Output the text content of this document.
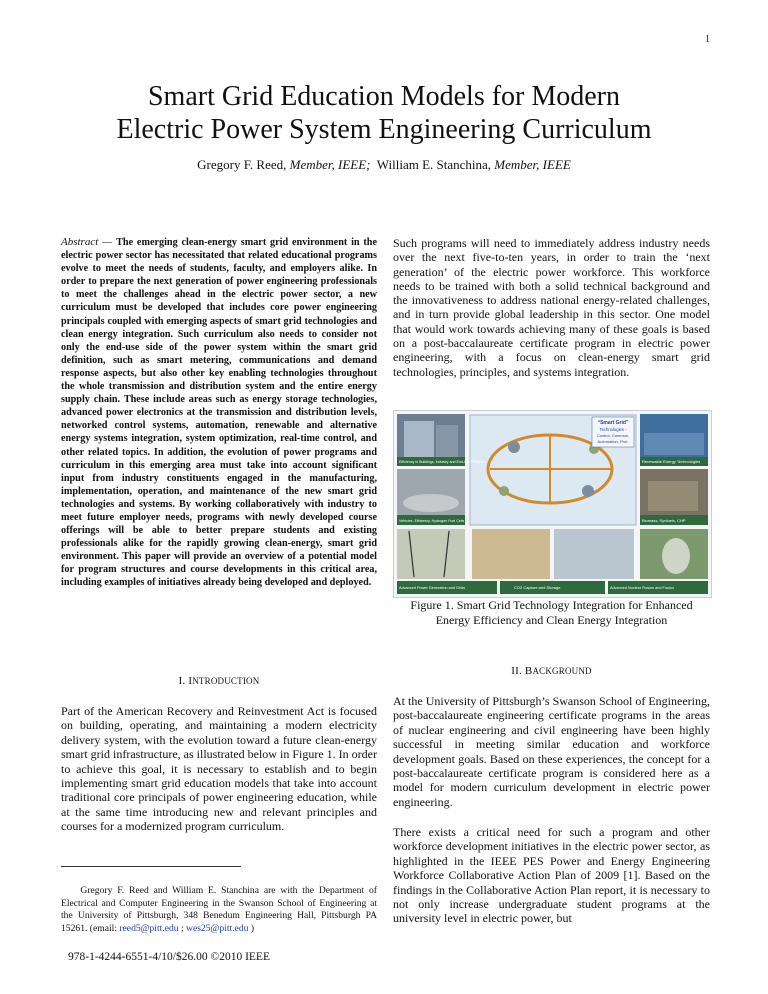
1
Smart Grid Education Models for Modern
Electric Power System Engineering Curriculum
Gregory F. Reed, Member, IEEE; William E. Stanchina, Member, IEEE
Abstract — The emerging clean-energy smart grid environment in the electric power sector has necessitated that related educational programs evolve to meet the needs of students, faculty, and employers alike. In order to prepare the next generation of power engineering professionals to meet the challenges ahead in the electric power sector, a new curriculum must be developed that includes core power engineering principals coupled with emerging aspects of smart grid technologies and clean energy integration. Such curriculum also needs to consider not only the end-use side of the power system within the smart grid definition, such as smart metering, communications and demand response aspects, but also other key enabling technologies throughout the whole transmission and distribution system and the entire energy supply chain. These include areas such as energy storage technologies, advanced power electronics at the transmission and distribution levels, networked control systems, automation, renewable and alternative energy systems integration, system optimization, real-time control, and other related topics. In addition, the evolution of power programs and curriculum in this emerging area must take into account significant input from industry constituents engaged in the manufacturing, implementation, operation, and maintenance of the new smart grid technologies and systems. By working collaboratively with industry to meet future employer needs, programs with newly developed course offerings will be able to better prepare students and existing professionals alike for the rapidly growing clean-energy, smart grid environment. This paper will provide an overview of a potential model for program structures and course developments in this critical area, including examples of initiatives already being developed and deployed.
I. INTRODUCTION
Part of the American Recovery and Reinvestment Act is focused on building, operating, and maintaining a modern electricity delivery system, with the evolution toward a future clean-energy smart grid infrastructure, as illustrated below in Figure 1. In order to achieve this goal, it is necessary to establish and to begin implementing smart grid education models that take into account traditional core principals of power engineering education, while at the same time introducing new and relevant principles and courses for a modernized program curriculum.
Gregory F. Reed and William E. Stanchina are with the Department of Electrical and Computer Engineering in the Swanson School of Engineering at the University of Pittsburgh, 348 Benedum Engineering Hall, Pittsburgh PA 15261. (email: reed5@pitt.edu ; wes25@pitt.edu )
978-1-4244-6551-4/10/$26.00 ©2010 IEEE
Such programs will need to immediately address industry needs over the next five-to-ten years, in order to train the ‘next generation’ of the electric power workforce. This workforce needs to be trained with both a solid technical background and the innovativeness to address national energy-related challenges, and in turn provide global leadership in this sector. One model that would work towards achieving many of these goals is based on a post-baccalaureate certificate program in electric power engineering, with a focus on clean-energy smart grid technologies, principles, and systems integration.
“Smart Grid”
Technologies -
Control, Commun,
Automation, Prot.
Efficiency in Buildings, Industry and End-Use Products	Renewable Energy Technologies
Vehicles- Efficiency, Hydrogen Fuel Cells	Biomass, Synfuels, CHP
Advanced Power Generation and Grids	CO2 Capture and Storage	Advanced Nuclear Fission and Fusion
Figure 1. Smart Grid Technology Integration for Enhanced
Energy Efficiency and Clean Energy Integration
II. BACKGROUND
At the University of Pittsburgh’s Swanson School of Engineering, post-baccalaureate engineering certificate programs in the areas of nuclear engineering and civil engineering have been highly successful in meeting similar education and workforce development goals. Based on these experiences, the concept for a post-baccalaureate certificate program is considered here as a model for modern curriculum development in electric power engineering.
There exists a critical need for such a program and other workforce development initiatives in the electric power sector, as highlighted in the IEEE PES Power and Energy Engineering Workforce Collaborative Action Plan of 2009 [1]. Based on the findings in the Collaborative Action Plan report, it is necessary to not only increase undergraduate student programs at the university level in electric power, but
